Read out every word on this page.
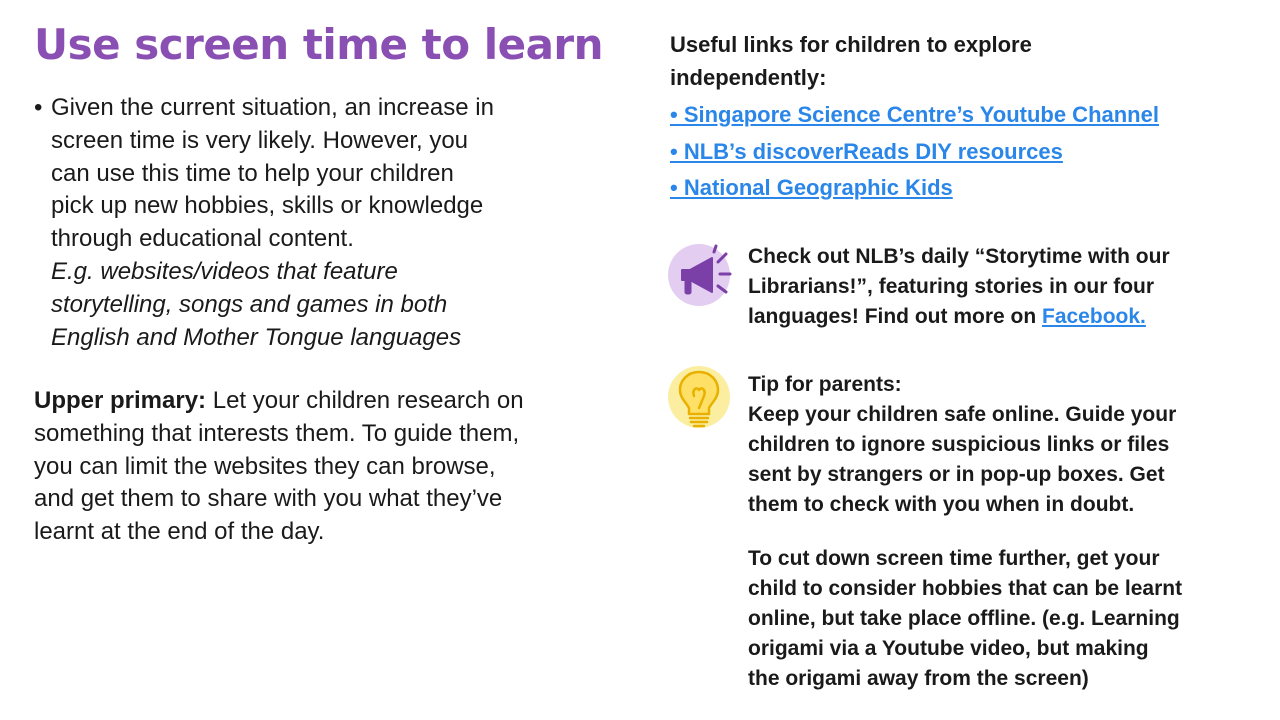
Use screen time to learn
• Given the current situation, an increase in
screen time is very likely. However, you
can use this time to help your children
pick up new hobbies, skills or knowledge
through educational content.
E.g. websites/videos that feature
storytelling, songs and games in both
English and Mother Tongue languages
Upper primary: Let your children research on
something that interests them. To guide them,
you can limit the websites they can browse,
and get them to share with you what they’ve
learnt at the end of the day.
Useful links for children to explore
independently:
• Singapore Science Centre’s Youtube Channel
• NLB’s discoverReads DIY resources
• National Geographic Kids
Check out NLB’s daily “Storytime with our
Librarians!”, featuring stories in our four
languages! Find out more on Facebook.
Tip for parents:
Keep your children safe online. Guide your
children to ignore suspicious links or files
sent by strangers or in pop-up boxes. Get
them to check with you when in doubt.
To cut down screen time further, get your
child to consider hobbies that can be learnt
online, but take place offline. (e.g. Learning
origami via a Youtube video, but making
the origami away from the screen)
